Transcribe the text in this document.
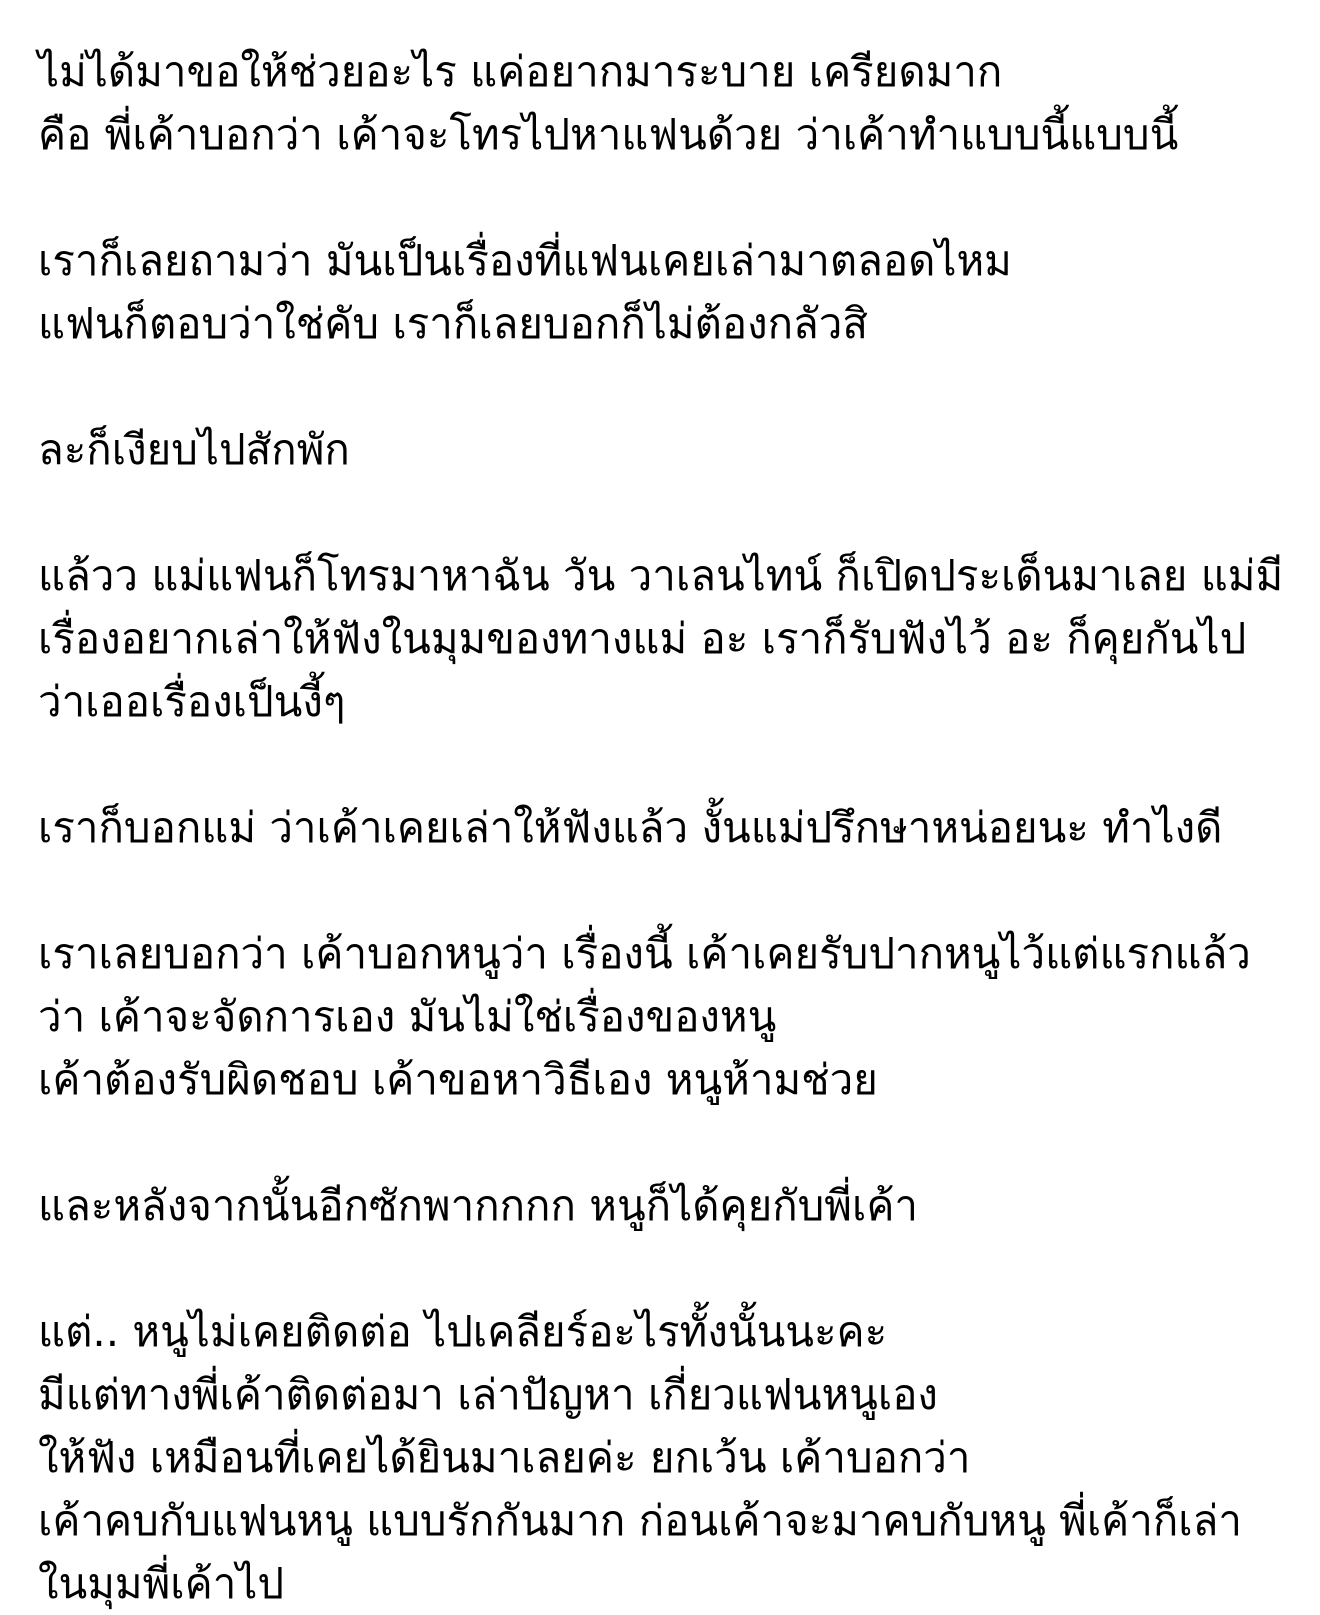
ไม่ได้มาขอให้ช่วยอะไร แค่อยากมาระบาย เครียดมาก
คือ พี่เค้าบอกว่า เค้าจะโทรไปหาแฟนด้วย ว่าเค้าทำแบบนี้แบบนี้
เราก็เลยถามว่า มันเป็นเรื่องที่แฟนเคยเล่ามาตลอดไหม
แฟนก็ตอบว่าใช่คับ เราก็เลยบอกก็ไม่ต้องกลัวสิ
ละก็เงียบไปสักพัก
แล้วว แม่แฟนก็โทรมาหาฉัน วัน วาเลนไทน์ ก็เปิดประเด็นมาเลย แม่มี
เรื่องอยากเล่าให้ฟังในมุมของทางแม่ อะ เราก็รับฟังไว้ อะ ก็คุยกันไป
ว่าเออเรื่องเป็นงี้ๆ
เราก็บอกแม่ ว่าเค้าเคยเล่าให้ฟังแล้ว งั้นแม่ปรึกษาหน่อยนะ ทำไงดี
เราเลยบอกว่า เค้าบอกหนูว่า เรื่องนี้ เค้าเคยรับปากหนูไว้แต่แรกแล้ว
ว่า เค้าจะจัดการเอง มันไม่ใช่เรื่องของหนู
เค้าต้องรับผิดชอบ เค้าขอหาวิธีเอง หนูห้ามช่วย
และหลังจากนั้นอีกซักพากกกก หนูก็ได้คุยกับพี่เค้า
แต่.. หนูไม่เคยติดต่อ ไปเคลียร์อะไรทั้งนั้นนะคะ
มีแต่ทางพี่เค้าติดต่อมา เล่าปัญหา เกี่ยวแฟนหนูเอง
ให้ฟัง เหมือนที่เคยได้ยินมาเลยค่ะ ยกเว้น เค้าบอกว่า
เค้าคบกับแฟนหนู แบบรักกันมาก ก่อนเค้าจะมาคบกับหนู พี่เค้าก็เล่า
ในมุมพี่เค้าไป
